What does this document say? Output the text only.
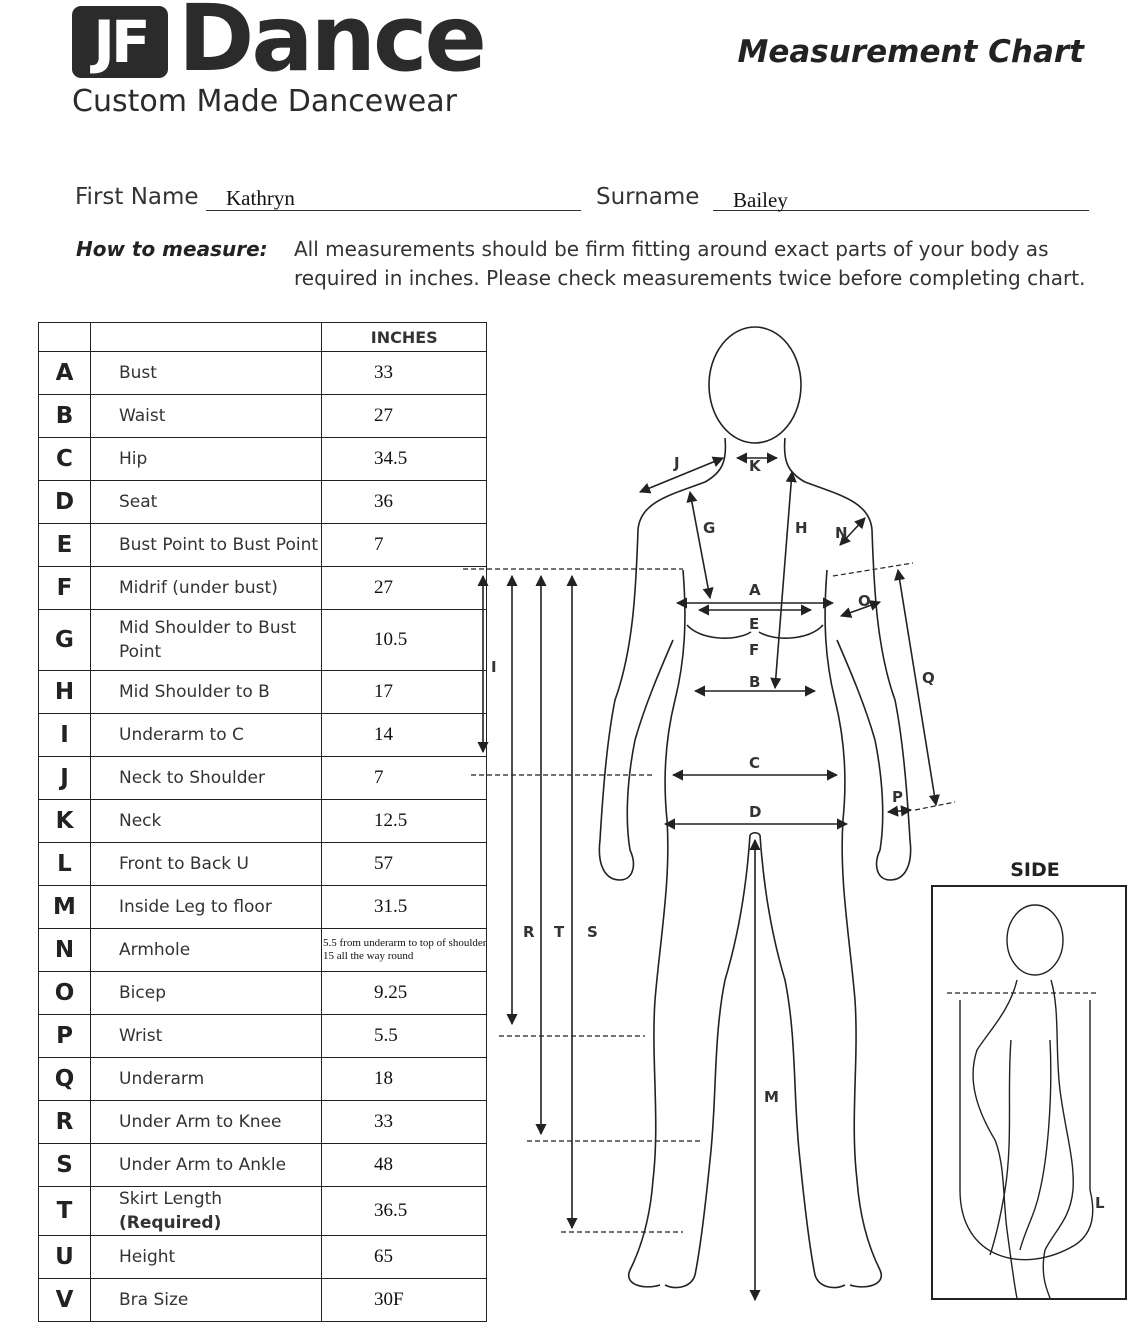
JF Dance
Custom Made Dancewear
Measurement Chart
First Name Kathryn	Surname Bailey
How to measure: All measurements should be firm fitting around exact parts of your body as required in inches. Please check measurements twice before completing chart.
		INCHES
A	Bust	33
B	Waist	27
C	Hip	34.5
D	Seat	36
E	Bust Point to Bust Point	7
F	Midrif (under bust)	27
G	Mid Shoulder to Bust Point	10.5
H	Mid Shoulder to B	17
I	Underarm to C	14
J	Neck to Shoulder	7
K	Neck	12.5
L	Front to Back U	57
M	Inside Leg to floor	31.5
N	Armhole	5.5 from underarm to top of shoulder
15 all the way round

O	Bicep	9.25
P	Wrist	5.5
Q	Underarm	18
R	Under Arm to Knee	33
S	Under Arm to Ankle	48
T	Skirt Length (Required)	36.5
U	Height	65
V	Bra Size	30F
J	K
G	H N
A
E
F
B
O
Q
I
C
D
P
R T S
M
SIDE
L
